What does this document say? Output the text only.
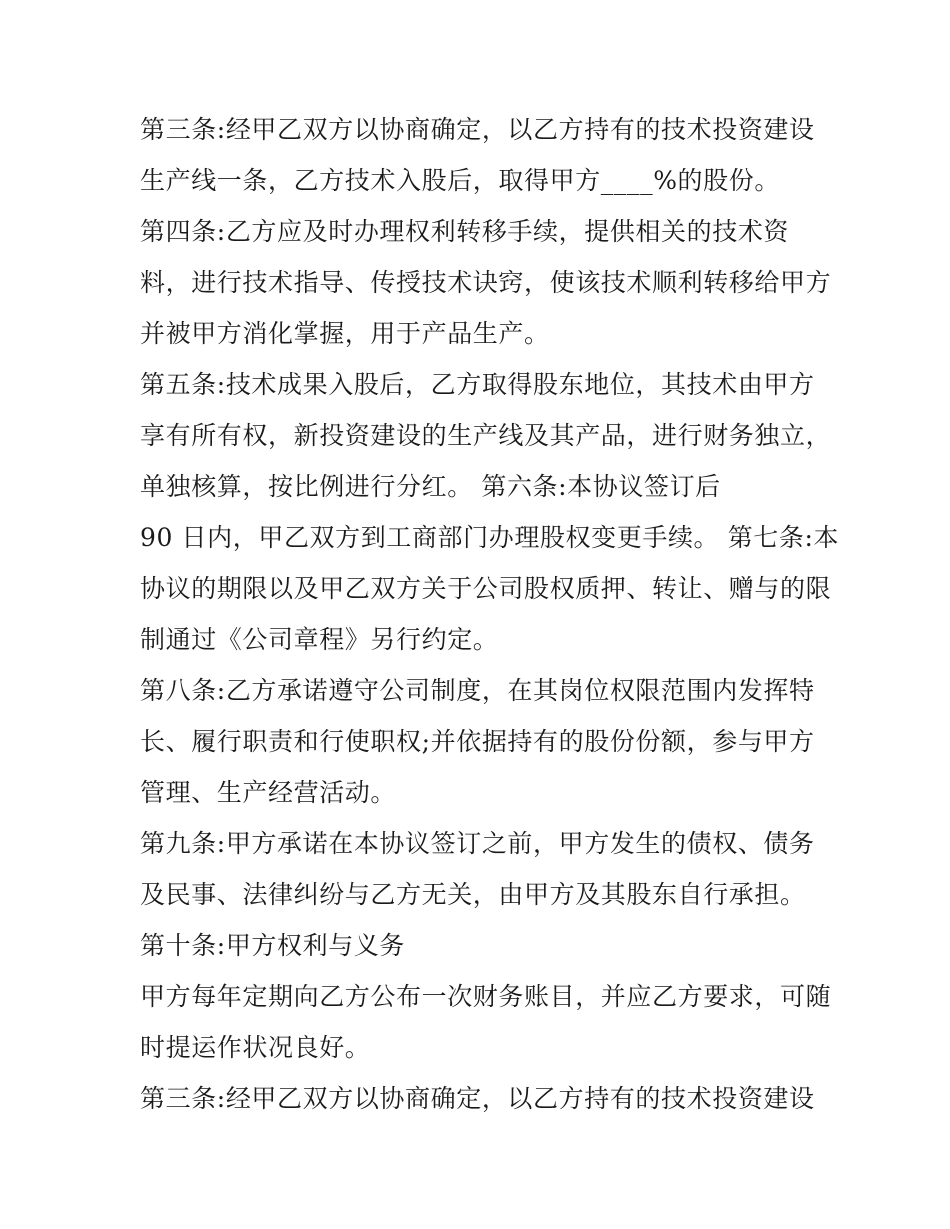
第三条:经甲乙双方以协商确定，以乙方持有的技术投资建设
生产线一条，乙方技术入股后，取得甲方____%的股份。
第四条:乙方应及时办理权利转移手续，提供相关的技术资
料，进行技术指导、传授技术诀窍，使该技术顺利转移给甲方
并被甲方消化掌握，用于产品生产。
第五条:技术成果入股后，乙方取得股东地位，其技术由甲方
享有所有权，新投资建设的生产线及其产品，进行财务独立，
单独核算，按比例进行分红。 第六条:本协议签订后
90 日内，甲乙双方到工商部门办理股权变更手续。 第七条:本
协议的期限以及甲乙双方关于公司股权质押、转让、赠与的限
制通过《公司章程》另行约定。
第八条:乙方承诺遵守公司制度，在其岗位权限范围内发挥特
长、履行职责和行使职权;并依据持有的股份份额，参与甲方
管理、生产经营活动。
第九条:甲方承诺在本协议签订之前，甲方发生的债权、债务
及民事、法律纠纷与乙方无关，由甲方及其股东自行承担。
第十条:甲方权利与义务
甲方每年定期向乙方公布一次财务账目，并应乙方要求，可随
时提运作状况良好。
第三条:经甲乙双方以协商确定，以乙方持有的技术投资建设
